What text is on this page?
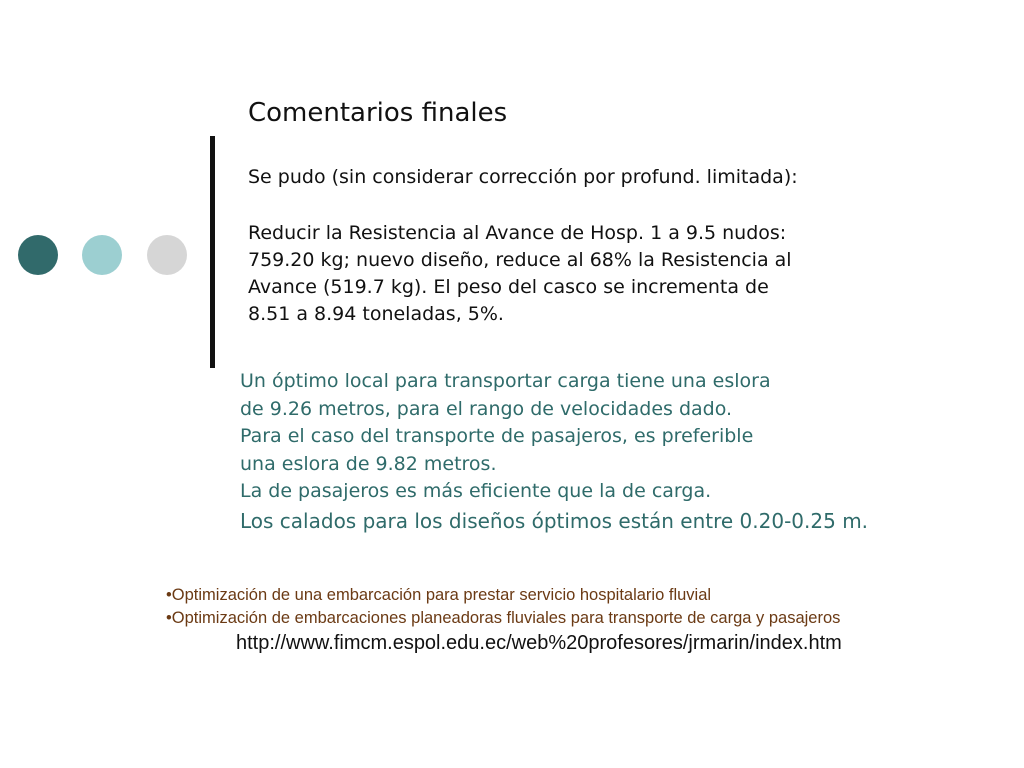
Comentarios finales
Se pudo (sin considerar corrección por profund. limitada):
Reducir la Resistencia al Avance de Hosp. 1 a 9.5 nudos:
759.20 kg; nuevo diseño, reduce al 68% la Resistencia al
Avance (519.7 kg). El peso del casco se incrementa de
8.51 a 8.94 toneladas, 5%.
Un óptimo local para transportar carga tiene una eslora
de 9.26 metros, para el rango de velocidades dado.
Para el caso del transporte de pasajeros, es preferible
una eslora de 9.82 metros.
La de pasajeros es más eficiente que la de carga.
Los calados para los diseños óptimos están entre 0.20-0.25 m.
•Optimización de una embarcación para prestar servicio hospitalario fluvial
•Optimización de embarcaciones planeadoras fluviales para transporte de carga y pasajeros
http://www.fimcm.espol.edu.ec/web%20profesores/jrmarin/index.htm
